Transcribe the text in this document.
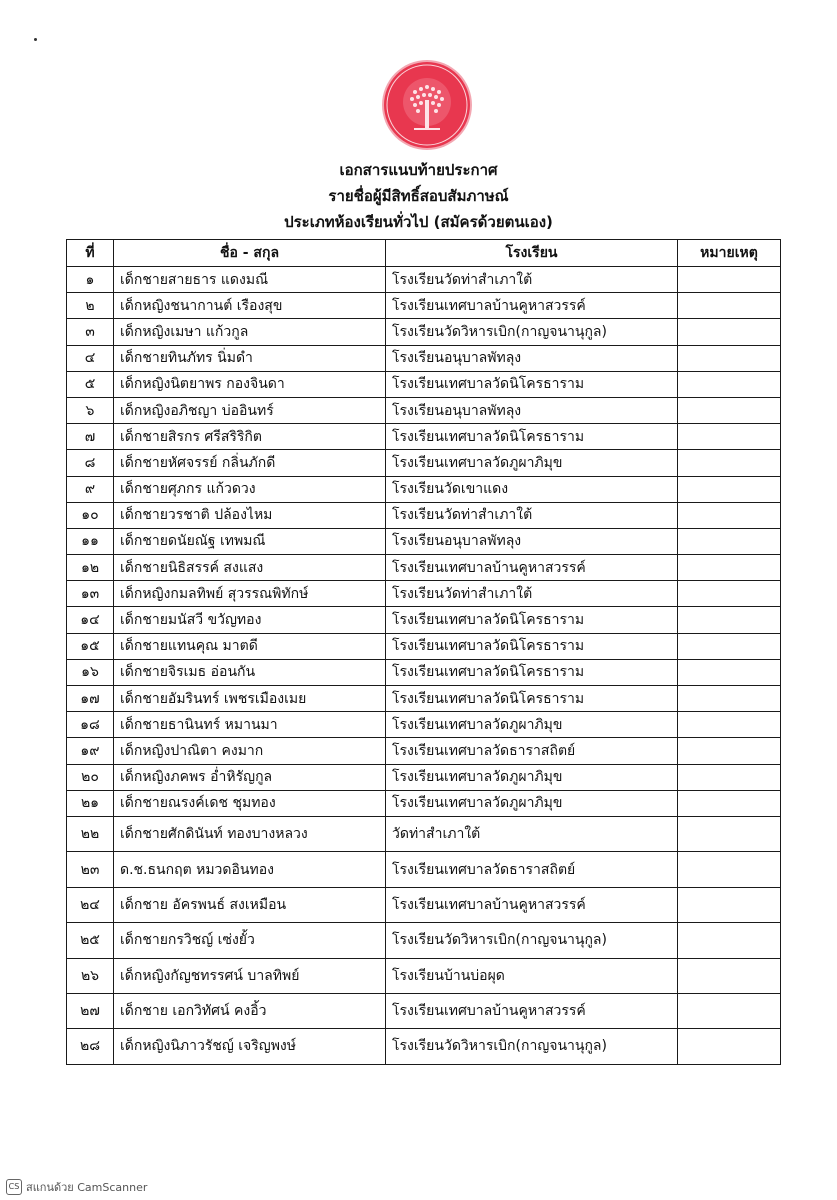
เอกสารแนบท้ายประกาศ
รายชื่อผู้มีสิทธิ์สอบสัมภาษณ์
ประเภทห้องเรียนทั่วไป (สมัครด้วยตนเอง)
ที่	ชื่อ - สกุล	โรงเรียน	หมายเหตุ
๑	เด็กชายสายธาร แดงมณี	โรงเรียนวัดท่าสำเภาใต้	
๒	เด็กหญิงชนากานต์ เรืองสุข	โรงเรียนเทศบาลบ้านคูหาสวรรค์	
๓	เด็กหญิงเมษา แก้วกูล	โรงเรียนวัดวิหารเบิก(กาญจนานุกูล)	
๔	เด็กชายทินภัทร นิ่มดำ	โรงเรียนอนุบาลพัทลุง	
๕	เด็กหญิงนิตยาพร กองจินดา	โรงเรียนเทศบาลวัดนิโครธาราม	
๖	เด็กหญิงอภิชญา บ่ออินทร์	โรงเรียนอนุบาลพัทลุง	
๗	เด็กชายสิรกร ศรีสริริกิต	โรงเรียนเทศบาลวัดนิโครธาราม	
๘	เด็กชายหัศจรรย์ กลิ่นภักดี	โรงเรียนเทศบาลวัดภูผาภิมุข	
๙	เด็กชายศุภกร แก้วดวง	โรงเรียนวัดเขาแดง	
๑๐	เด็กชายวรชาติ ปล้องไหม	โรงเรียนวัดท่าสำเภาใต้	
๑๑	เด็กชายดนัยณัฐ เทพมณี	โรงเรียนอนุบาลพัทลุง	
๑๒	เด็กชายนิธิสรรค์ สงแสง	โรงเรียนเทศบาลบ้านคูหาสวรรค์	
๑๓	เด็กหญิงกมลทิพย์ สุวรรณพิทักษ์	โรงเรียนวัดท่าสำเภาใต้	
๑๔	เด็กชายมนัสวี ขวัญทอง	โรงเรียนเทศบาลวัดนิโครธาราม	
๑๕	เด็กชายแทนคุณ มาตดี	โรงเรียนเทศบาลวัดนิโครธาราม	
๑๖	เด็กชายจิรเมธ อ่อนกัน	โรงเรียนเทศบาลวัดนิโครธาราม	
๑๗	เด็กชายอัมรินทร์ เพชรเมืองเมย	โรงเรียนเทศบาลวัดนิโครธาราม	
๑๘	เด็กชายธานินทร์ หมานมา	โรงเรียนเทศบาลวัดภูผาภิมุข	
๑๙	เด็กหญิงปาณิตา คงมาก	โรงเรียนเทศบาลวัดธาราสถิตย์	
๒๐	เด็กหญิงภคพร อ่ำหิรัญกูล	โรงเรียนเทศบาลวัดภูผาภิมุข	
๒๑	เด็กชายณรงค์เดช ชุมทอง	โรงเรียนเทศบาลวัดภูผาภิมุข	
๒๒	เด็กชายศักดินันท์ ทองบางหลวง	วัดท่าสำเภาใต้	
๒๓	ด.ช.ธนกฤต หมวดอินทอง	โรงเรียนเทศบาลวัดธาราสถิตย์	
๒๔	เด็กชาย อัครพนธ์ สงเหมือน	โรงเรียนเทศบาลบ้านคูหาสวรรค์	
๒๕	เด็กชายกรวิชญ์ เซ่งยั้ว	โรงเรียนวัดวิหารเบิก(กาญจนานุกูล)	
๒๖	เด็กหญิงกัญชทรรศน์ บาลทิพย์	โรงเรียนบ้านบ่อผุด	
๒๗	เด็กชาย เอกวิทัศน์ คงอิ้ว	โรงเรียนเทศบาลบ้านคูหาสวรรค์	
๒๘	เด็กหญิงนิภาวรัชญ์ เจริญพงษ์	โรงเรียนวัดวิหารเบิก(กาญจนานุกูล)	
CS สแกนด้วย CamScanner
